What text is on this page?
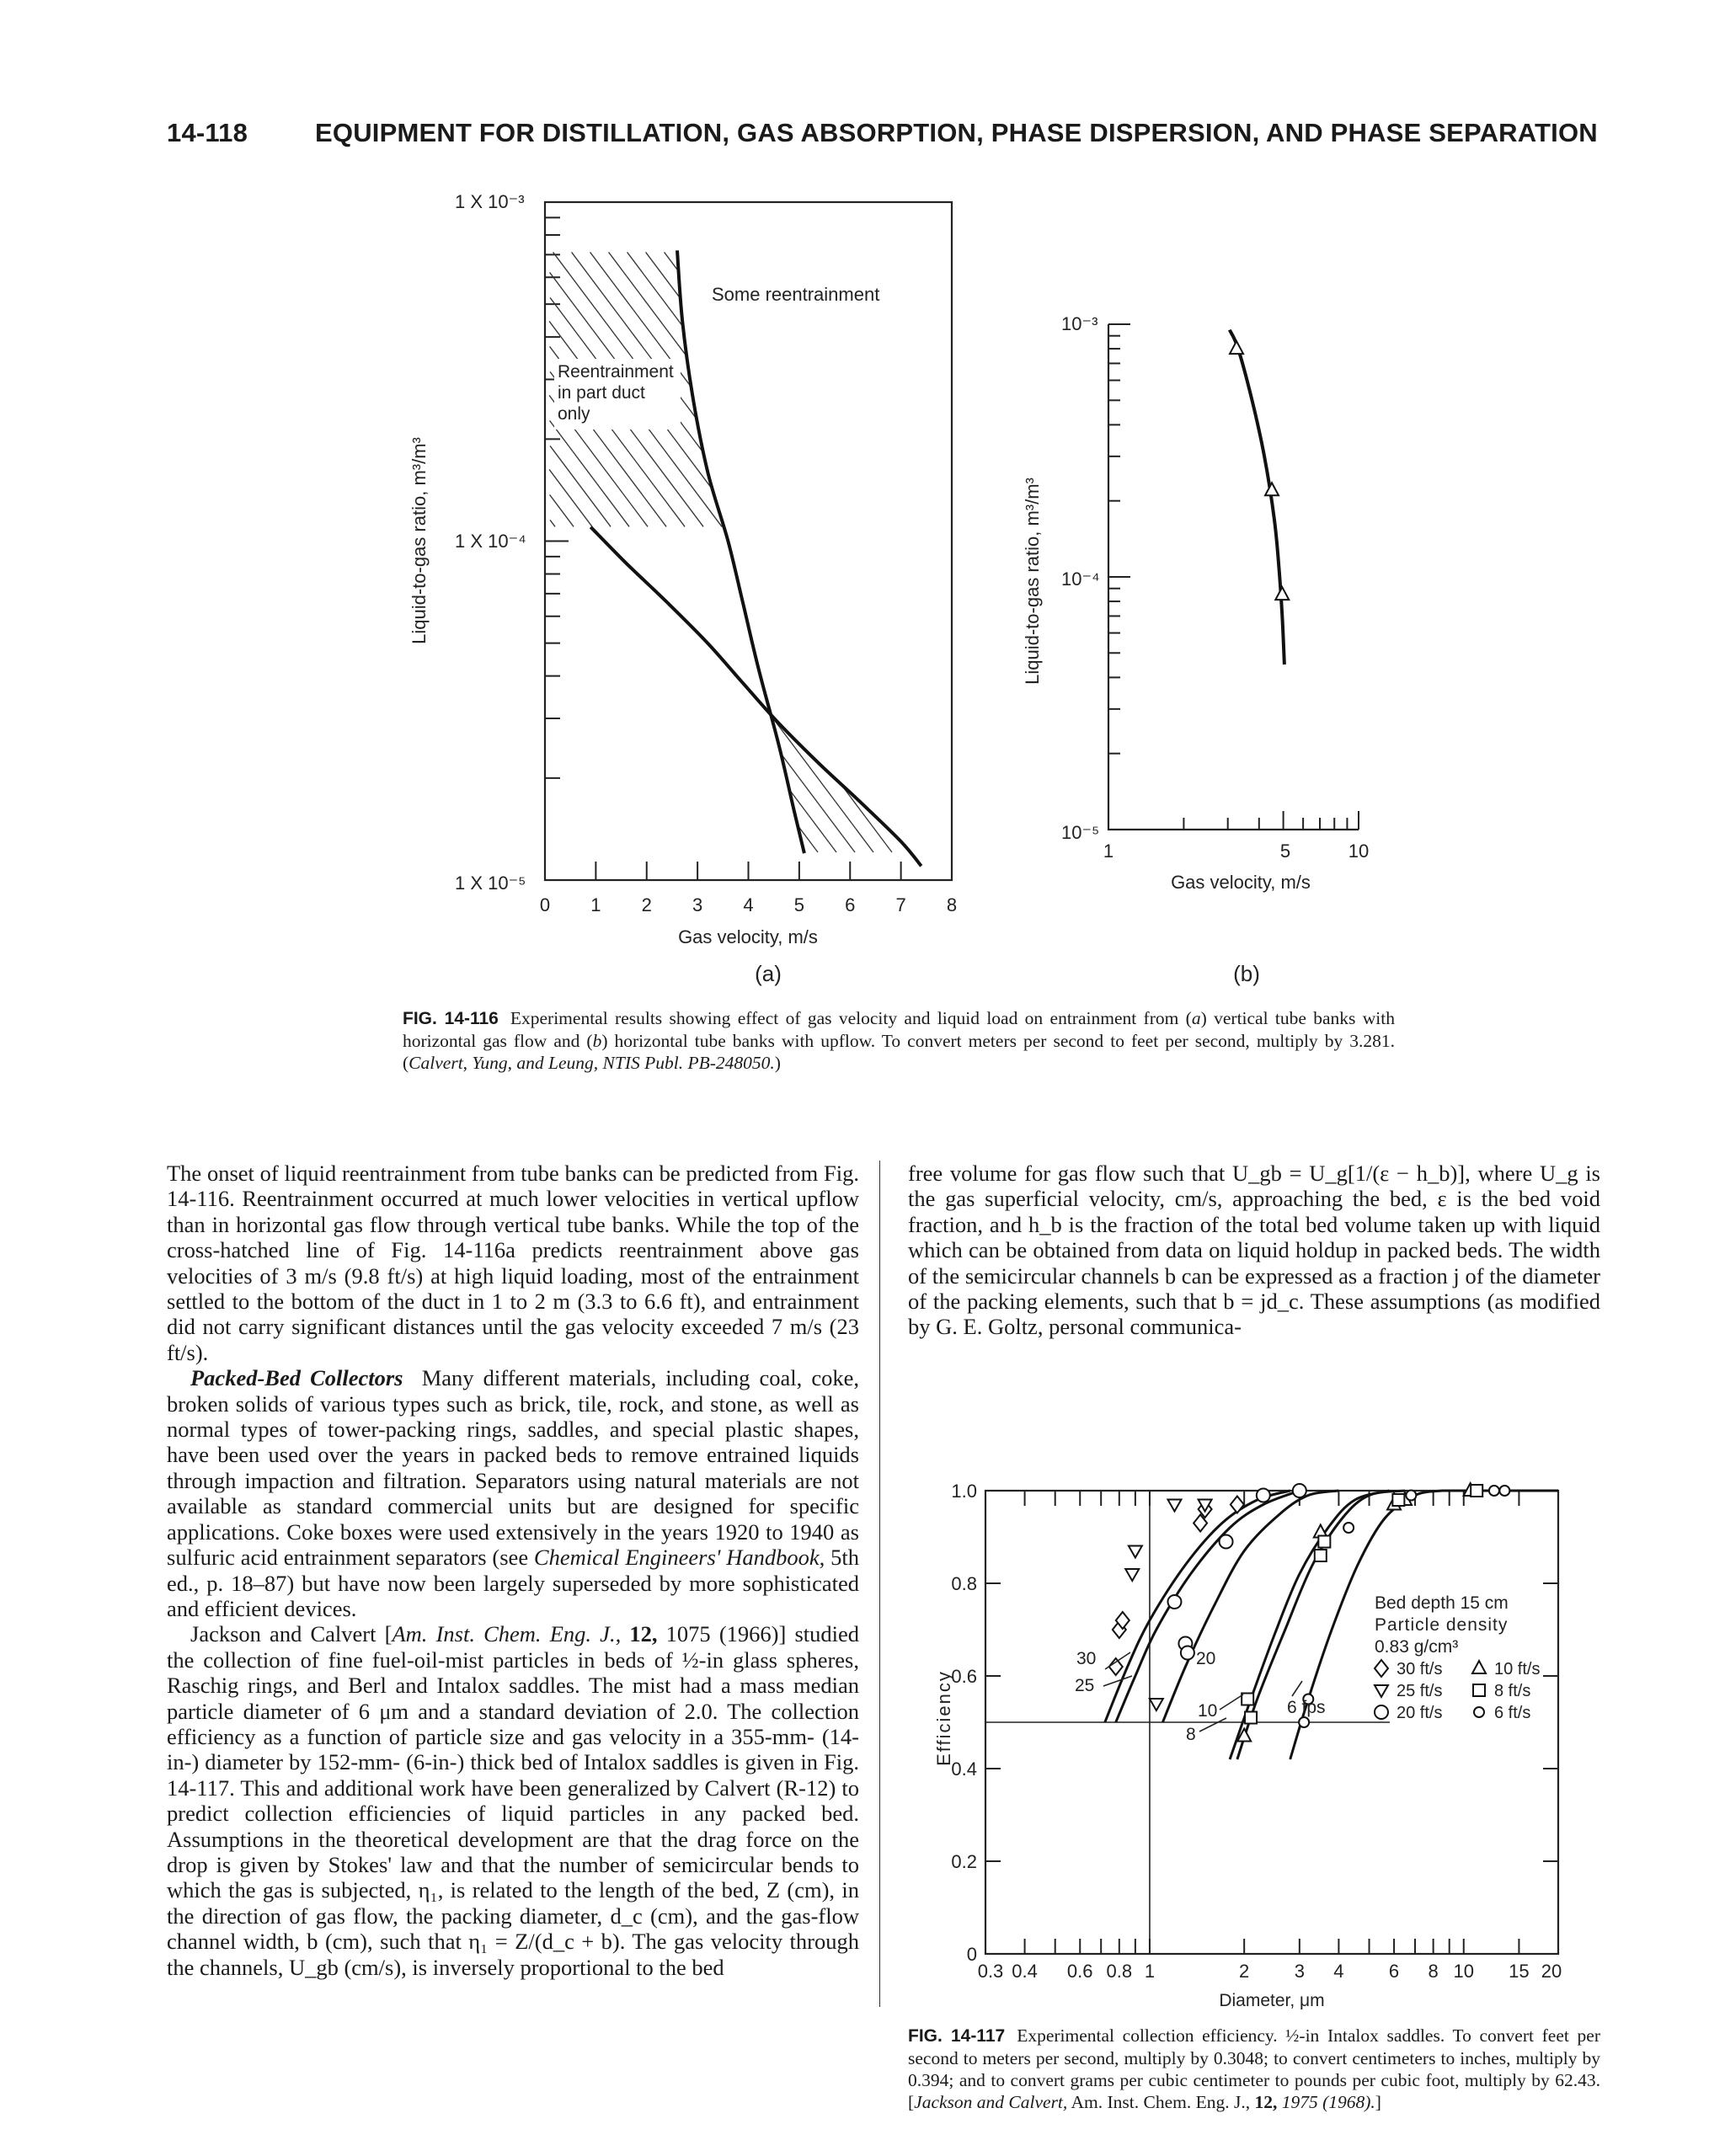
14-118	EQUIPMENT FOR DISTILLATION, GAS ABSORPTION, PHASE DISPERSION, AND PHASE SEPARATION
1 X 10⁻⁵
1 X 10⁻⁴
1 X 10⁻³
0 1 2 3 4 5 6 7 8
Gas velocity, m/s
Liquid-to-gas ratio, m³/m³
Some reentrainment
Reentrainment
in part duct
only
(a)
10⁻³
10⁻⁴
10⁻⁵
1	5	10
Gas velocity, m/s
Liquid-to-gas ratio, m³/m³
(b)
0
0.2
0.4
0.6
0.8
1.0
0.3 0.4 0.6 0.8 1	2 3 4 6 8 10 15 20
Diameter, μm
Efficiency
Bed depth 15 cm
Particle density
0.83 g/cm³
30 ft/s
25 ft/s
20 ft/s
10 ft/s
8 ft/s
6 ft/s
30
25
20
10
8
6 fps
FIG. 14-116 Experimental results showing effect of gas velocity and liquid load on entrainment from (a) vertical tube banks with horizontal gas flow and (b) horizontal tube banks with upflow. To convert meters per second to feet per second, multiply by 3.281. (Calvert, Yung, and Leung, NTIS Publ. PB-248050.)

The onset of liquid reentrainment from tube banks can be predicted from Fig. 14-116. Reentrainment occurred at much lower velocities in vertical upflow than in horizontal gas flow through vertical tube banks. While the top of the cross-hatched line of Fig. 14-116a predicts reentrainment above gas velocities of 3 m/s (9.8 ft/s) at high liquid loading, most of the entrainment settled to the bottom of the duct in 1 to 2 m (3.3 to 6.6 ft), and entrainment did not carry significant distances until the gas velocity exceeded 7 m/s (23 ft/s).

Packed-Bed Collectors Many different materials, including coal, coke, broken solids of various types such as brick, tile, rock, and stone, as well as normal types of tower-packing rings, saddles, and special plastic shapes, have been used over the years in packed beds to remove entrained liquids through impaction and filtration. Separators using natural materials are not available as standard commercial units but are designed for specific applications. Coke boxes were used extensively in the years 1920 to 1940 as sulfuric acid entrainment separators (see Chemical Engineers' Handbook, 5th ed., p. 18–87) but have now been largely superseded by more sophisticated and efficient devices.

Jackson and Calvert [Am. Inst. Chem. Eng. J., 12, 1075 (1966)] studied the collection of fine fuel-oil-mist particles in beds of ½-in glass spheres, Raschig rings, and Berl and Intalox saddles. The mist had a mass median particle diameter of 6 μm and a standard deviation of 2.0. The collection efficiency as a function of particle size and gas velocity in a 355-mm- (14-in-) diameter by 152-mm- (6-in-) thick bed of Intalox saddles is given in Fig. 14-117. This and additional work have been generalized by Calvert (R-12) to predict collection efficiencies of liquid particles in any packed bed. Assumptions in the theoretical development are that the drag force on the drop is given by Stokes' law and that the number of semicircular bends to which the gas is subjected, η₁, is related to the length of the bed, Z (cm), in the direction of gas flow, the packing diameter, d_c (cm), and the gas-flow channel width, b (cm), such that η₁ = Z/(d_c + b). The gas velocity through the channels, U_gb (cm/s), is inversely proportional to the bed

free volume for gas flow such that U_gb = U_g[1/(ε − h_b)], where U_g is the gas superficial velocity, cm/s, approaching the bed, ε is the bed void fraction, and h_b is the fraction of the total bed volume taken up with liquid which can be obtained from data on liquid holdup in packed beds. The width of the semicircular channels b can be expressed as a fraction j of the diameter of the packing elements, such that b = jd_c. These assumptions (as modified by G. E. Goltz, personal communica-

FIG. 14-117 Experimental collection efficiency. ½-in Intalox saddles. To convert feet per second to meters per second, multiply by 0.3048; to convert centimeters to inches, multiply by 0.394; and to convert grams per cubic centimeter to pounds per cubic foot, multiply by 62.43. [Jackson and Calvert, Am. Inst. Chem. Eng. J., 12, 1975 (1968).]
